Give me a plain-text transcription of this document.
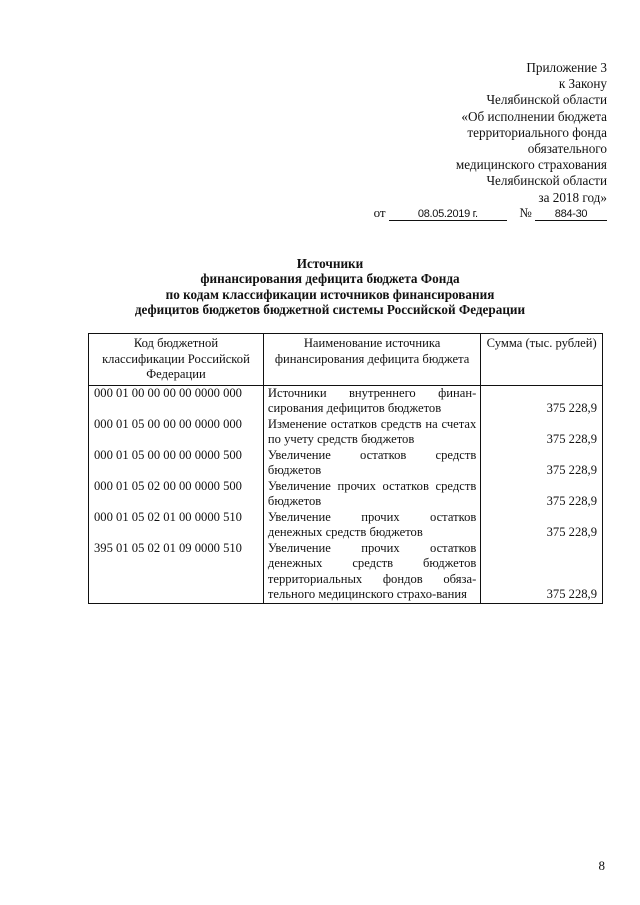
Приложение 3
к Закону
Челябинской области
«Об исполнении бюджета
территориального фонда
обязательного
медицинского страхования
Челябинской области
за 2018 год»
от	08.05.2019 г.	№ 884-30
Источники
финансирования дефицита бюджета Фонда
по кодам классификации источников финансирования
дефицитов бюджетов бюджетной системы Российской Федерации
Код бюджетной классификации Российской Федерации	Наименование источника финансирования дефицита бюджета	Сумма (тыс. рублей)
000 01 00 00 00 00 0000 000	Источники внутреннего финан-сирования дефицитов бюджетов	375 228,9
000 01 05 00 00 00 0000 000	Изменение остатков средств на счетах по учету средств бюджетов	375 228,9
000 01 05 00 00 00 0000 500	Увеличение остатков средств бюджетов	375 228,9
000 01 05 02 00 00 0000 500	Увеличение прочих остатков средств бюджетов	375 228,9
000 01 05 02 01 00 0000 510	Увеличение прочих остатков денежных средств бюджетов	375 228,9
395 01 05 02 01 09 0000 510	Увеличение прочих остатков денежных средств бюджетов территориальных фондов обяза-тельного медицинского страхо-вания	375 228,9
8
